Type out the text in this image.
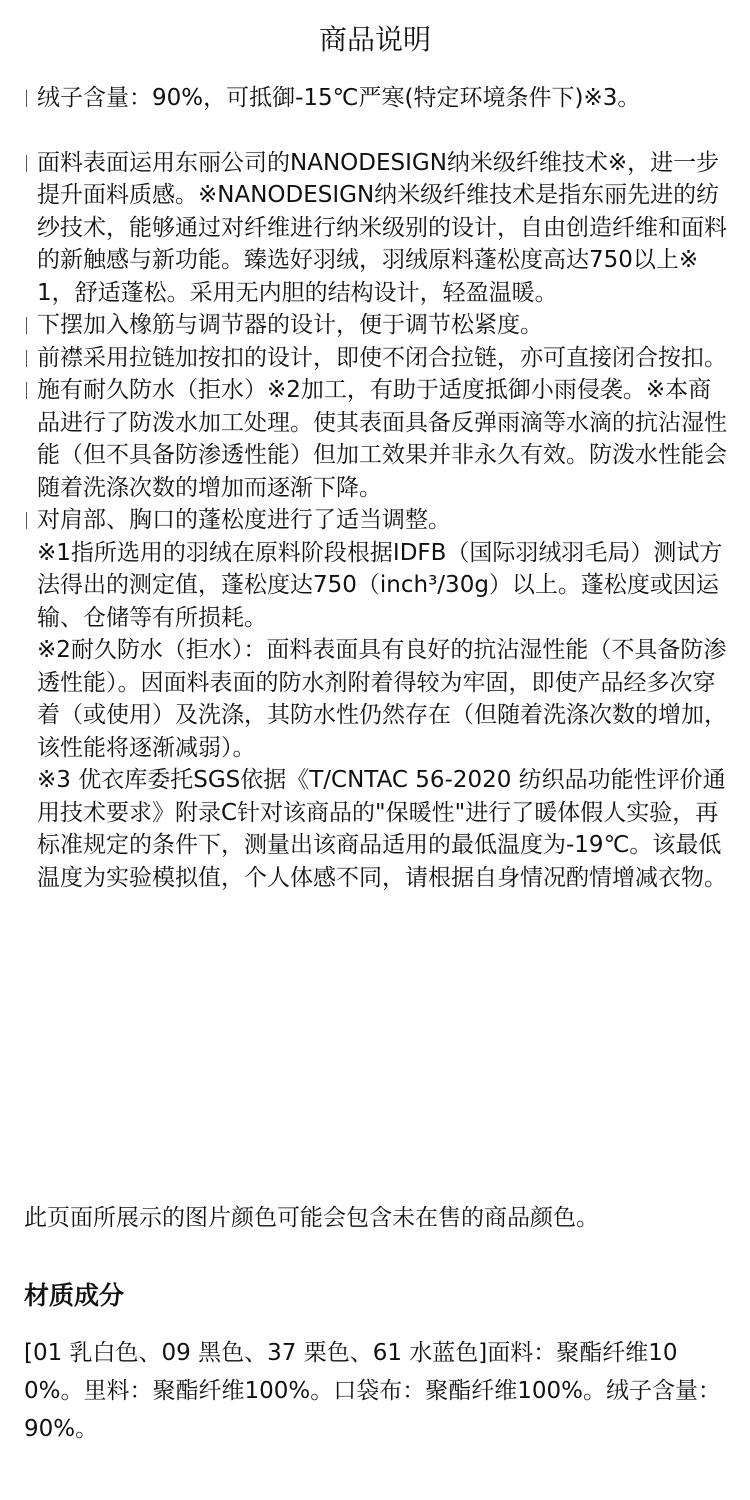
商品说明

绒子含量：90%，可抵御-15℃严寒(特定环境条件下)※3。

面料表面运用东丽公司的NANODESIGN纳米级纤维技术※，进一步提升面料质感。※NANODESIGN纳米级纤维技术是指东丽先进的纺纱技术，能够通过对纤维进行纳米级别的设计，自由创造纤维和面料的新触感与新功能。臻选好羽绒，羽绒原料蓬松度高达750以上※1，舒适蓬松。采用无内胆的结构设计，轻盈温暖。

下摆加入橡筋与调节器的设计，便于调节松紧度。

前襟采用拉链加按扣的设计，即使不闭合拉链，亦可直接闭合按扣。

施有耐久防水（拒水）※2加工，有助于适度抵御小雨侵袭。※本商品进行了防泼水加工处理。使其表面具备反弹雨滴等水滴的抗沾湿性能（但不具备防渗透性能）但加工效果并非永久有效。防泼水性能会随着洗涤次数的增加而逐渐下降。

对肩部、胸口的蓬松度进行了适当调整。

※1指所选用的羽绒在原料阶段根据IDFB（国际羽绒羽毛局）测试方法得出的测定值，蓬松度达750（inch³/30g）以上。蓬松度或因运输、仓储等有所损耗。

※2耐久防水（拒水）：面料表面具有良好的抗沾湿性能（不具备防渗透性能）。因面料表面的防水剂附着得较为牢固，即使产品经多次穿着（或使用）及洗涤，其防水性仍然存在（但随着洗涤次数的增加，该性能将逐渐减弱）。

※3 优衣库委托SGS依据《T/CNTAC 56-2020 纺织品功能性评价通用技术要求》附录C针对该商品的"保暖性"进行了暖体假人实验，再标准规定的条件下，测量出该商品适用的最低温度为-19℃。该最低温度为实验模拟值，个人体感不同，请根据自身情况酌情增减衣物。

此页面所展示的图片颜色可能会包含未在售的商品颜色。

材质成分

[01 乳白色、09 黑色、37 栗色、61 水蓝色]面料：聚酯纤维100%。里料：聚酯纤维100%。口袋布：聚酯纤维100%。绒子含量：90%。
